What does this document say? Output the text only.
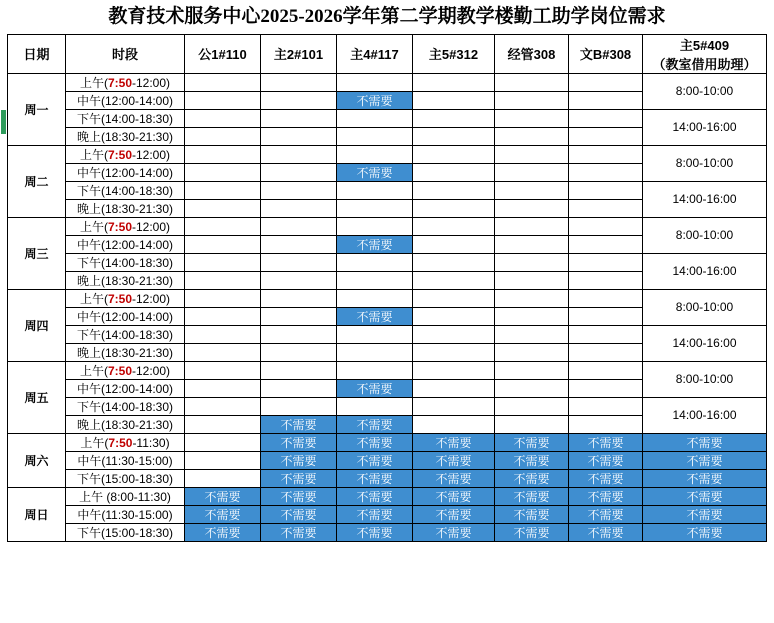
教育技术服务中心2025-2026学年第二学期教学楼勤工助学岗位需求
日期	时段	公1#110	主2#101	主4#117	主5#312	经管308	文B#308	主5#409
（教室借用助理）

周一	上午(7:50-12:00)							8:00-10:00
	中午(12:00-14:00)			不需要				
	下午(14:00-18:30)							14:00-16:00
	晚上(18:30-21:30)							
周二	上午(7:50-12:00)							8:00-10:00
	中午(12:00-14:00)			不需要				
	下午(14:00-18:30)							14:00-16:00
	晚上(18:30-21:30)							
周三	上午(7:50-12:00)							8:00-10:00
	中午(12:00-14:00)			不需要				
	下午(14:00-18:30)							14:00-16:00
	晚上(18:30-21:30)							
周四	上午(7:50-12:00)							8:00-10:00
	中午(12:00-14:00)			不需要				
	下午(14:00-18:30)							14:00-16:00
	晚上(18:30-21:30)							
周五	上午(7:50-12:00)							8:00-10:00
	中午(12:00-14:00)			不需要				
	下午(14:00-18:30)							14:00-16:00
	晚上(18:30-21:30)		不需要	不需要				
周六	上午(7:50-11:30)		不需要	不需要	不需要	不需要	不需要	不需要
	中午(11:30-15:00)		不需要	不需要	不需要	不需要	不需要	不需要
	下午(15:00-18:30)		不需要	不需要	不需要	不需要	不需要	不需要
周日	上午 (8:00-11:30)	不需要	不需要	不需要	不需要	不需要	不需要	不需要
	中午(11:30-15:00)	不需要	不需要	不需要	不需要	不需要	不需要	不需要
	下午(15:00-18:30)	不需要	不需要	不需要	不需要	不需要	不需要	不需要
